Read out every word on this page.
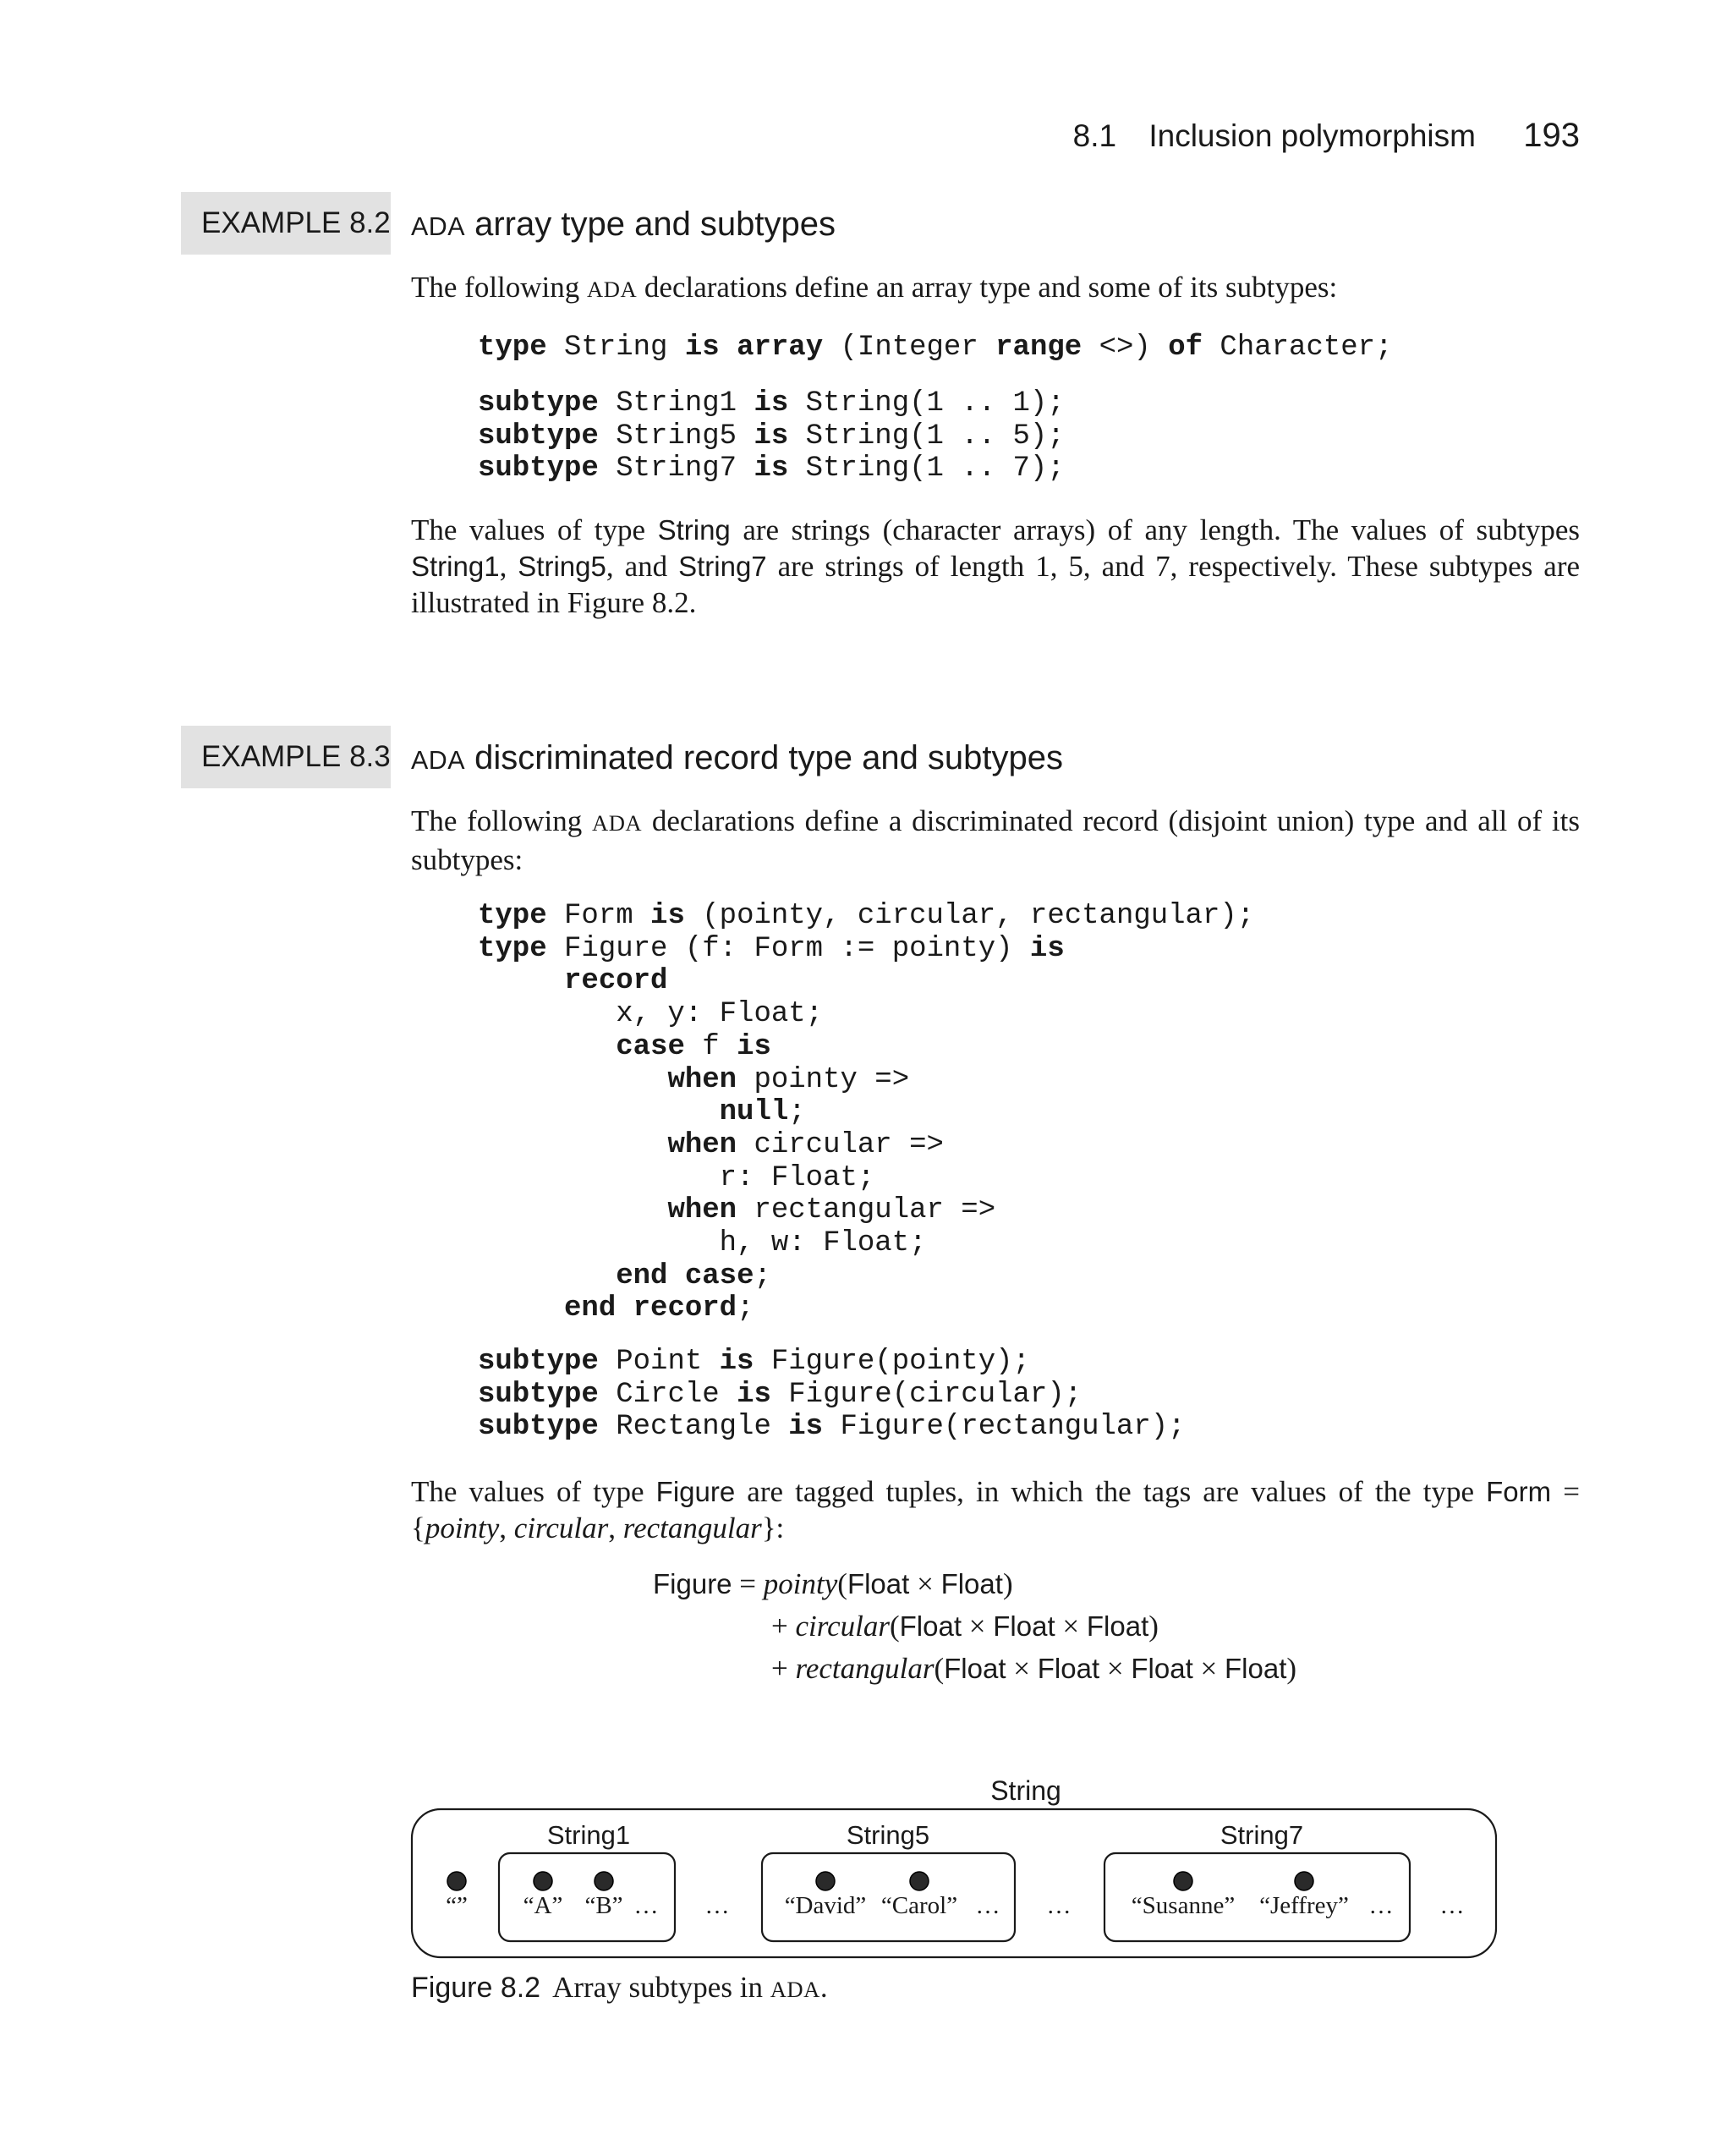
8.1 Inclusion polymorphism 193
EXAMPLE 8.2 ADA array type and subtypes
The following ADA declarations define an array type and some of its subtypes:
type String is array (Integer range <>) of Character;
subtype String1 is String(1 .. 1);
subtype String5 is String(1 .. 5);
subtype String7 is String(1 .. 7);
The values of type String are strings (character arrays) of any length. The values of subtypes String1, String5, and String7 are strings of length 1, 5, and 7, respectively. These subtypes are illustrated in Figure 8.2.
EXAMPLE 8.3 ADA discriminated record type and subtypes
The following ADA declarations define a discriminated record (disjoint union) type and all of its subtypes:
type Form is (pointy, circular, rectangular);
type Figure (f: Form := pointy) is
record
x, y: Float;
case f is
when pointy =>
null;
when circular =>
r: Float;
when rectangular =>
h, w: Float;
end case;
end record;
subtype Point is Figure(pointy);
subtype Circle is Figure(circular);
subtype Rectangle is Figure(rectangular);
The values of type Figure are tagged tuples, in which the tags are values of the type Form = {pointy, circular, rectangular}:
Figure = pointy(Float × Float)
+ circular(Float × Float × Float)
+ rectangular(Float × Float × Float × Float)
String
“”
String1
“A” “B” … …
String5
“David” “Carol” … …
String7
“Susanne” “Jeffrey” … …
Figure 8.2 Array subtypes in ADA.
